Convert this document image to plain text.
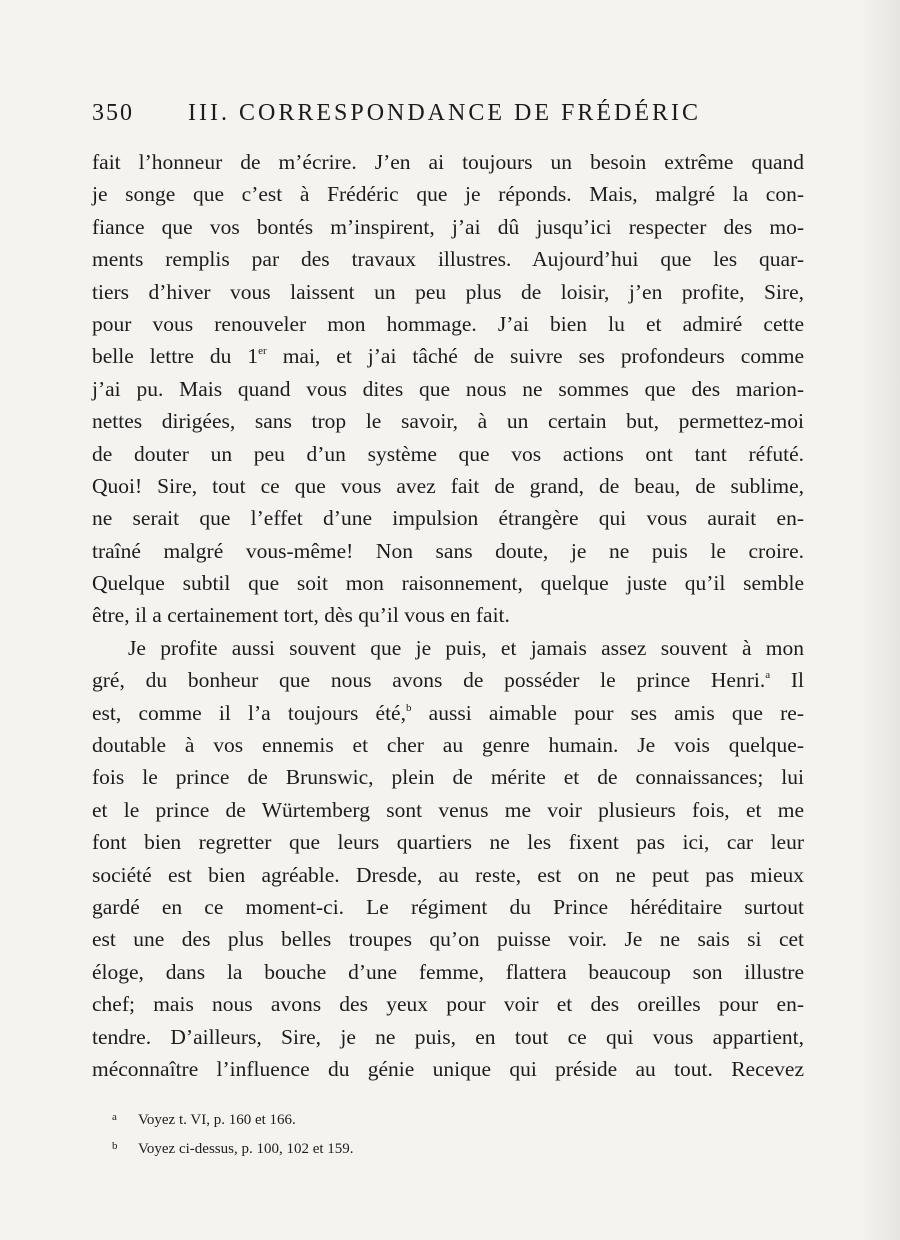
350 III. CORRESPONDANCE DE FRÉDÉRIC
fait l’honneur de m’écrire. J’en ai toujours un besoin extrême quand
je songe que c’est à Frédéric que je réponds. Mais, malgré la con-
fiance que vos bontés m’inspirent, j’ai dû jusqu’ici respecter des mo-
ments remplis par des travaux illustres. Aujourd’hui que les quar-
tiers d’hiver vous laissent un peu plus de loisir, j’en profite, Sire,
pour vous renouveler mon hommage. J’ai bien lu et admiré cette
belle lettre du 1er mai, et j’ai tâché de suivre ses profondeurs comme
j’ai pu. Mais quand vous dites que nous ne sommes que des marion-
nettes dirigées, sans trop le savoir, à un certain but, permettez-moi
de douter un peu d’un système que vos actions ont tant réfuté.
Quoi! Sire, tout ce que vous avez fait de grand, de beau, de sublime,
ne serait que l’effet d’une impulsion étrangère qui vous aurait en-
traîné malgré vous-même! Non sans doute, je ne puis le croire.
Quelque subtil que soit mon raisonnement, quelque juste qu’il semble
être, il a certainement tort, dès qu’il vous en fait.
Je profite aussi souvent que je puis, et jamais assez souvent à mon
gré, du bonheur que nous avons de posséder le prince Henri.$^a$ Il
est, comme il l’a toujours été,$^b$ aussi aimable pour ses amis que re-
doutable à vos ennemis et cher au genre humain. Je vois quelque-
fois le prince de Brunswic, plein de mérite et de connaissances; lui
et le prince de Würtemberg sont venus me voir plusieurs fois, et me
font bien regretter que leurs quartiers ne les fixent pas ici, car leur
société est bien agréable. Dresde, au reste, est on ne peut pas mieux
gardé en ce moment-ci. Le régiment du Prince héréditaire surtout
est une des plus belles troupes qu’on puisse voir. Je ne sais si cet
éloge, dans la bouche d’une femme, flattera beaucoup son illustre
chef; mais nous avons des yeux pour voir et des oreilles pour en-
tendre. D’ailleurs, Sire, je ne puis, en tout ce qui vous appartient,
méconnaître l’influence du génie unique qui préside au tout. Recevez
a Voyez t. VI, p. 160 et 166.
b Voyez ci-dessus, p. 100, 102 et 159.
